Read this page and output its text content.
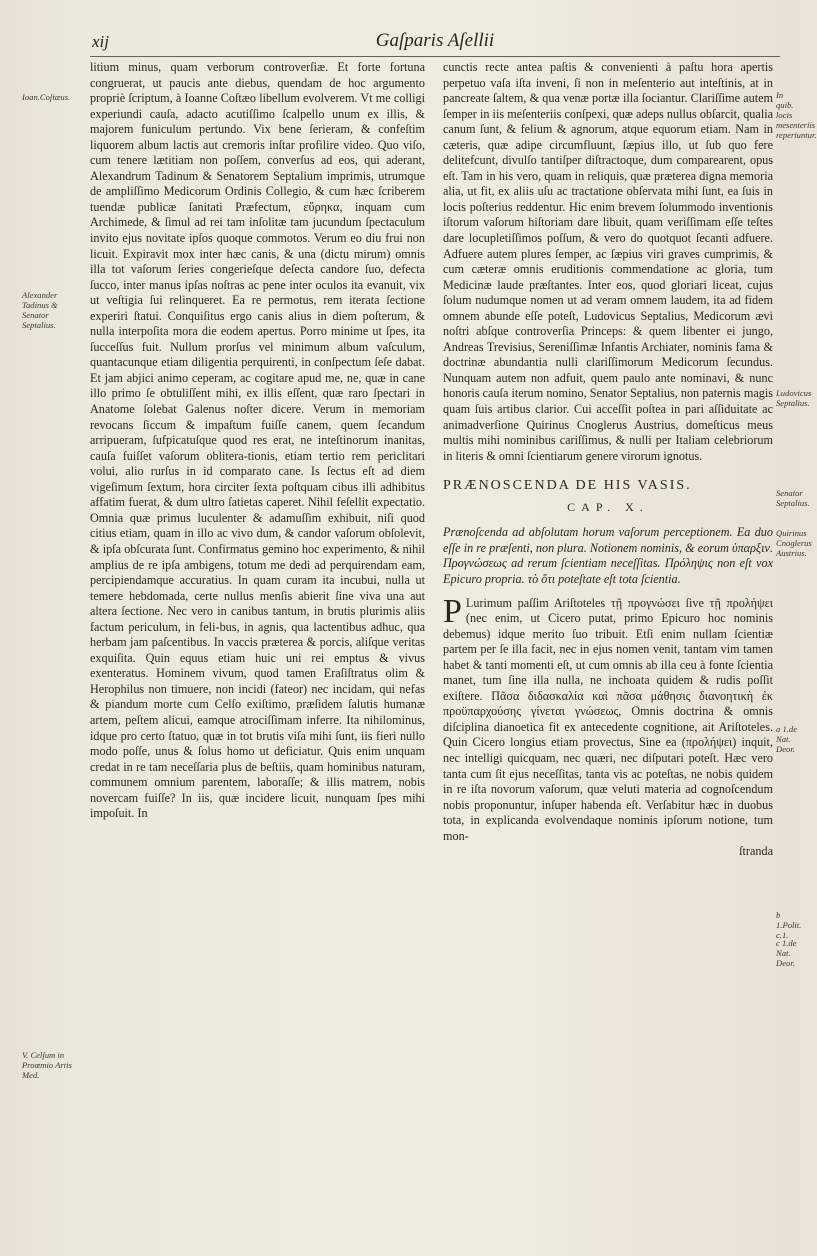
xij	Gaſparis Aſellii
Ioan.Coſtæus.
Alexander Tadinus & Senator Septalius.
V. Celſum in Proœmio Artis Med.
In quib. locis mesenteriis reperiuntur.
Ludovicus Septalius.
Senator Septalius.
Quirinus Cnoglerus Austrius.
a 1.de Nat. Deor.
b 1.Polit. c.1.
c 1.de Nat. Deor.

litium minus, quam verborum controverſiæ. Et forte fortuna congruerat, ut paucis ante diebus, quendam de hoc argumento propriè ſcriptum, à Ioanne Coſtæo libellum evolverem. Vt me colligi experiundi cauſa, adacto acutiſſimo ſcalpello unum ex illis, & majorem funiculum pertundo. Vix bene ſerieram, & confeſtim liquorem album lactis aut cremoris inſtar profilire video. Quo viſo, cum tenere lætitiam non poſſem, converſus ad eos, qui aderant, Alexandrum Tadinum & Senatorem Septalium imprimis, utrumque de ampliſſimo Medicorum Ordinis Collegio, & cum hæc ſcriberem tuendæ publicæ ſanitati Præfectum, εὕρηκα, inquam cum Archimede, & ſimul ad rei tam inſolitæ tam jucundum ſpectaculum invito ejus novitate ipſos quoque commotos. Verum eo diu frui non licuit. Expiravit mox inter hæc canis, & una (dictu mirum) omnis illa tot vaſorum ſeries congerieſque deſecta candore ſuo, defecta ſucco, inter manus ipſas noſtras ac pene inter oculos ita evanuit, vix ut veſtigia ſui relinqueret. Ea re permotus, rem iterata ſectione experiri ſtatui. Conquiſitus ergo canis alius in diem poſterum, & nulla interpoſita mora die eodem apertus. Porro minime ut ſpes, ita ſucceſſus fuit. Nullum prorſus vel minimum album vaſculum, quantacunque etiam diligentia perquirenti, in conſpectum ſeſe dabat. Et jam abjici animo ceperam, ac cogitare apud me, ne, quæ in canе illo primo ſe obtuliſſent mihi, ex illis eſſent, quæ raro ſpectari in Anatome ſolebat Galenus noſter dicere. Verum in memoriam revocans ſiccum & impaſtum fuiſſe canem, quem ſecandum arripueram, ſufpicatuſque quod res erat, ne inteſtinorum inanitas, cauſa fuiſſet vaſorum oblitera-tionis, etiam tertio rem periclitari volui, alio rurſus in id comparato cane. Is ſectus eſt ad diem vigeſimum ſextum, hora circiter ſexta poſtquam cibus illi adhibitus affatim fuerat, & dum ultro ſatietas caperet. Nihil feſellit expectatio. Omnia quæ primus luculenter & adamuſſim exhibuit, niſi quod citius etiam, quam in illo ac vivo dum, & candor vaſorum obſolevit, & ipſa obſcurata ſunt. Confirmatus gemino hoc experimento, & nihil amplius de re ipſa ambigens, totum me dedi ad perquirendam eam, percipiendamque accuratius. In quam curam ita incubui, nulla ut temere hebdomada, certe nullus menſis abierit ſine viva una aut altera ſectione. Nec vero in canibus tantum, in brutis plurimis aliis factum periculum, in feli-bus, in agnis, qua lactentibus adhuc, qua herbam jam paſcentibus. In vaccis præterea & porcis, aliſque veritas exquiſita. Quin equus etiam huic uni rei emptus & vivus exenteratus. Hominem vivum, quod tamen Eraſiſtratus olim & Herophilus non timuere, non incidi (fateor) nec incidam, qui nefas & piandum morte cum Celſo exiſtimo, præſidem ſalutis humanæ artem, peſtem alicui, eamque atrociſſimam inferre. Ita nihilominus, idque pro certo ſtatuo, quæ in tot brutis viſa mihi ſunt, iis fieri nullo modo poſſe, unus & ſolus homo ut deficiatur. Quis enim unquam credat in re tam neceſſaria plus de beſtiis, quam hominibus naturam, communem omnium parentem, laboraſſe; & illis matrem, nobis novercam fuiſſe? In iis, quæ incidere licuit, nunquam ſpes mihi impoſuit. In

cunctis recte antea paſtis & convenienti à paſtu hora apertis perpetuo vaſa iſta inveni, ſi non in meſenterio aut inteſtinis, at in pancreate ſaltem, & qua venæ portæ illa ſociantur. Clariſſime autem ſemper in iis meſenteriis conſpexi, quæ adeps nullus obſarcit, qualia canum ſunt, & felium & agnorum, atque equorum etiam. Nam in cæteris, quæ adipe circumfluunt, ſæpius illo, ut ſub quo fere delitefcunt, divulſo tantiſper diſtractoque, dum comparearent, opus eſt. Tam in his vero, quam in reliquis, quæ præterea digna memoria alia, ut fit, ex aliis uſu ac tractatione obſervata mihi ſunt, ea ſuis in locis poſterius reddentur. Hic enim brevem ſolummodo inventionis iſtorum vaſorum hiſtoriam dare libuit, quam veriſſimam eſſe teſtes dare locupletiſſimos poſſum, & vero do quotquot ſecanti adfuere. Adfuere autem plures ſemper, ac ſæpius viri graves cumprimis, & cum cæteræ omnis eruditionis commendatione ac gloria, tum Medicinæ laude præſtantes. Inter eos, quod gloriari liceat, cujus ſolum nudumque nomen ut ad veram omnem laudem, ita ad fidem omnem abunde eſſe poteſt, Ludovicus Septalius, Medicorum ævi noſtri abſque controverſia Princeps: & quem libenter ei jungo, Andreas Trevisius, Sereniſſimæ Infantis Archiater, nominis fama & doctrinæ abundantia nulli clariſſimorum Medicorum ſecundus. Nunquam autem non adfuit, quem paulo ante nominavi, & nunc honoris cauſa iterum nomino, Senator Septalius, non paternis magis quam ſuis artibus clarior. Cui acceſſit poſtea in pari aſſiduitate ac animadverſione Quirinus Cnoglerus Austrius, domeſticus meus multis mihi nominibus cariſſimus, & nulli per Italiam celebriorum in literis & omni ſcientiarum genere virorum ignotus.

PRÆNOSCENDA DE HIS VASIS.
CAP. X.

Prænoſcenda ad abſolutam horum vaſorum perceptionem. Ea duo eſſe in re præſenti, non plura. Notionem nominis, & eorum ὑπαρξιν. Προγνώσεως ad rerum ſcientiam neceſſitas. Πρόληψις non eſt vox Epicuro propria. τὸ ὅτι poteſtate eſt tota ſcientia.

P Lurimum paſſim Ariſtoteles τῇ προγνώσει ſive τῇ προλήψει (nec enim, ut Cicero putat, primo Epicuro hoc nominis debemus) idque merito ſuo tribuit. Etſi enim nullam ſcientiæ partem per ſe illa facit, nec in ejus nomen venit, tantam vim tamen habet & tanti momenti eſt, ut cum omnis ab illa ceu à fonte ſcientia manet, tum ſine illa nulla, ne inchoata quidem & rudis poſſit exiſtere. Πᾶσα διδασκαλία καὶ πᾶσα μάθησις διανοητικὴ ἐκ προϋπαρχούσης γίνεται γνώσεως, Omnis doctrina & omnis diſciplina dianoetica fit ex antecedente cognitione, ait Ariſtoteles. Quin Cicero longius etiam provectus, Sine ea (προλήψει) inquit, nec intelligi quicquam, nec quæri, nec diſputari poteſt. Hæc vero tanta cum ſit ejus neceſſitas, tanta vis ac poteſtas, ne nobis quidem in re iſta novorum vaſorum, quæ veluti materia ad cognoſcendum nobis proponuntur, inſuper habenda eſt. Verſabitur hæc in duobus tota, in explicanda evolvendaque nominis ipſorum notione, tum mon-

ſtranda
